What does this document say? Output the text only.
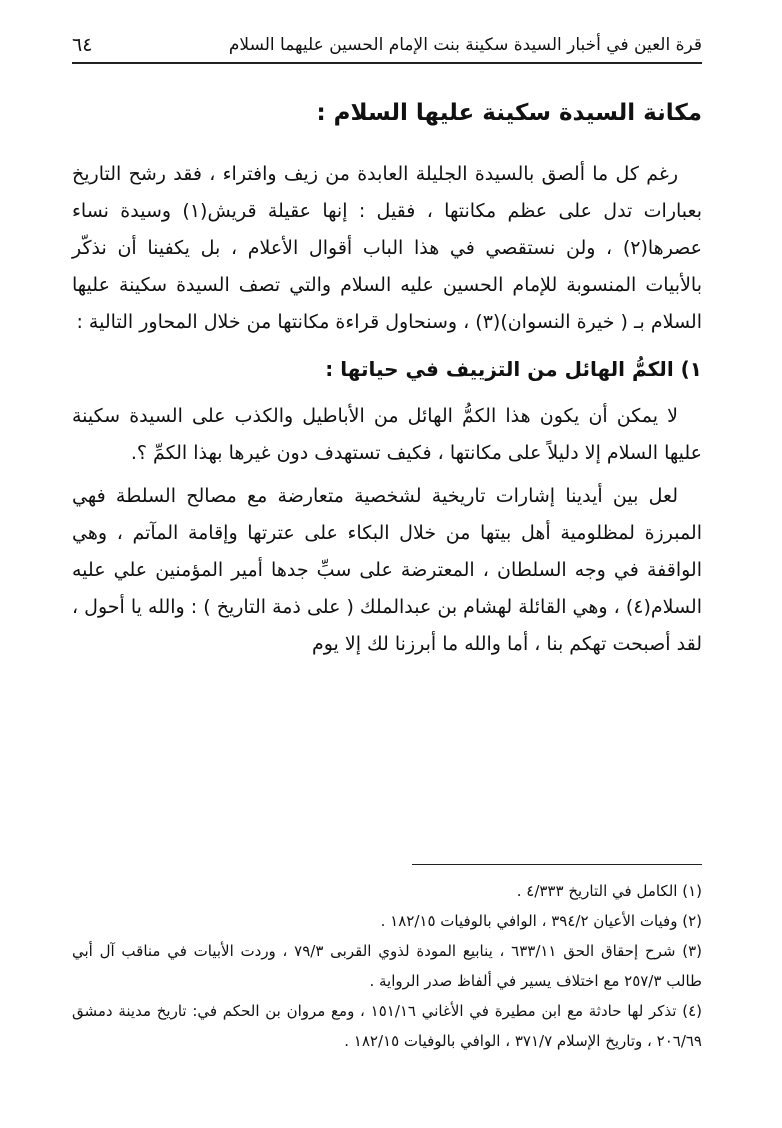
قرة العين في أخبار السيدة سكينة بنت الإمام الحسين عليهما السلام
٦٤
مكانة السيدة سكينة عليها السلام :

رغم كل ما ألصق بالسيدة الجليلة العابدة من زيف وافتراء ، فقد رشح التاريخ بعبارات تدل على عظم مكانتها ، فقيل : إنها عقيلة قريش(١) وسيدة نساء عصرها(٢) ، ولن نستقصي في هذا الباب أقوال الأعلام ، بل يكفينا أن نذكّر بالأبيات المنسوبة للإمام الحسين عليه السلام والتي تصف السيدة سكينة عليها السلام بـ ( خيرة النسوان)(٣) ، وسنحاول قراءة مكانتها من خلال المحاور التالية :

١) الكمُّ الهائل من التزييف في حياتها :

لا يمكن أن يكون هذا الكمُّ الهائل من الأباطيل والكذب على السيدة سكينة عليها السلام إلا دليلاً على مكانتها ، فكيف تستهدف دون غيرها بهذا الكمِّ ؟.

لعل بين أيدينا إشارات تاريخية لشخصية متعارضة مع مصالح السلطة فهي المبرزة لمظلومية أهل بيتها من خلال البكاء على عترتها وإقامة المآتم ، وهي الواقفة في وجه السلطان ، المعترضة على سبِّ جدها أمير المؤمنين علي عليه السلام(٤) ، وهي القائلة لهشام بن عبدالملك ( على ذمة التاريخ ) : والله يا أحول ، لقد أصبحت تهكم بنا ، أما والله ما أبرزنا لك إلا يوم

(١) الكامل في التاريخ ٤/٣٣٣ .

(٢) وفيات الأعيان ٣٩٤/٢ ، الوافي بالوفيات ١٨٢/١٥ .

(٣) شرح إحقاق الحق ٦٣٣/١١ ، ينابيع المودة لذوي القربى ٧٩/٣ ، وردت الأبيات في مناقب آل أبي طالب ٢٥٧/٣ مع اختلاف يسير في ألفاظ صدر الرواية .

(٤) تذكر لها حادثة مع ابن مطيرة في الأغاني ١٥١/١٦ ، ومع مروان بن الحكم في: تاريخ مدينة دمشق ٢٠٦/٦٩ ، وتاريخ الإسلام ٣٧١/٧ ، الوافي بالوفيات ١٨٢/١٥ .
